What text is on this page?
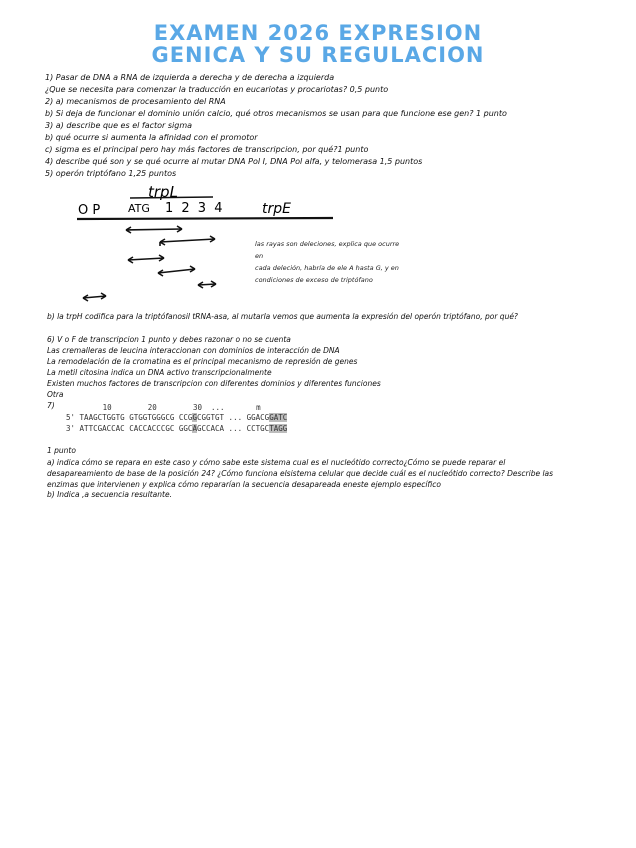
EXAMEN 2026 EXPRESION
GENICA Y SU REGULACION
1) Pasar de DNA a RNA de izquierda a derecha y de derecha a izquierda
¿Que se necesita para comenzar la traducción en eucariotas y procariotas? 0,5 punto
2) a) mecanismos de procesamiento del RNA
b) Si deja de funcionar el dominio unión calcio, qué otros mecanismos se usan para que funcione ese gen? 1 punto
3) a) describe que es el factor sigma
b) qué ocurre si aumenta la afinidad con el promotor
c) sigma es el principal pero hay más factores de transcripcion, por qué?1 punto
4) describe qué son y se qué ocurre al mutar DNA Pol I, DNA Pol alfa, y telomerasa 1,5 puntos
5) operón triptófano 1,25 puntos
trpL
O P	ATG 1 2 3 4	trpE
las rayas son deleciones, explica que ocurre en
cada deleción, habría de ele A hasta G, y en
condiciones de exceso de triptófano
b) la trpH codifica para la triptófanosil tRNA-asa, al mutarla vemos que aumenta la expresión del operón triptófano, por qué?
6) V o F de transcripcion 1 punto y debes razonar o no se cuenta
Las cremalleras de leucina interaccionan con dominios de interacción de DNA
La remodelación de la cromatina es el principal mecanismo de represión de genes
La metil citosina indica un DNA activo transcripcionalmente
Existen muchos factores de transcripcion con diferentes dominios y diferentes funciones
Otra
7) 10        20        30  ...       m
5' TAAGCTGGTG GTGGTGGGCG CCGGCGGTGT ... GGACGGATC
3' ATTCGACCAC CACCACCCGC GGCAGCCACA ... CCTGCTAGG
1 punto
a) indica cómo se repara en este caso y cómo sabe este sistema cual es el nucleótido correcto¿Cómo se puede reparar el desapareamiento de base de la posición 24? ¿Cómo funciona elsistema celular que decide cuál es el nucleótido correcto? Describe las enzimas que intervienen y explica cómo repararían la secuencia desapareada eneste ejemplo específico
b) Indica ,a secuencia resultante.
